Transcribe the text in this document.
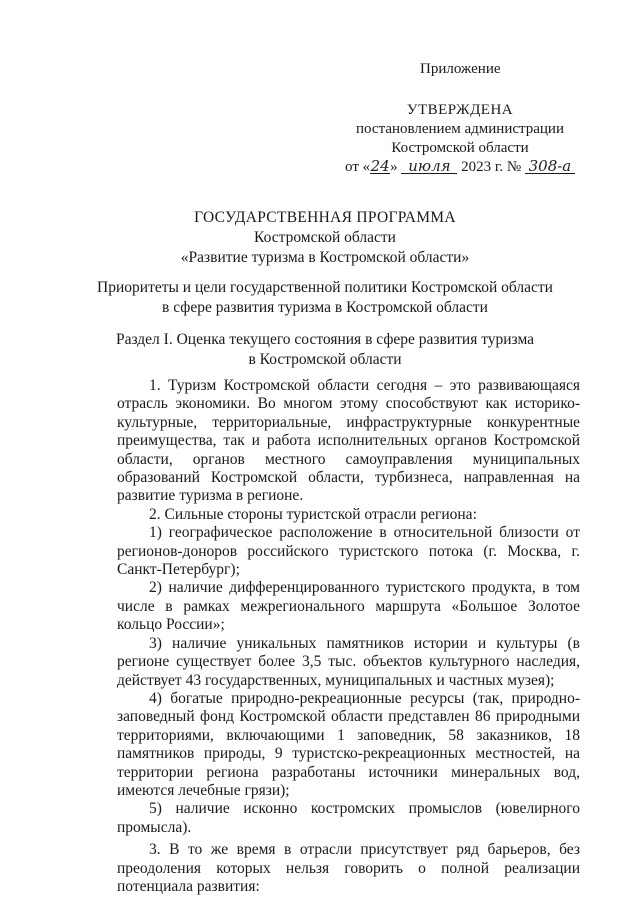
Приложение
УТВЕРЖДЕНА
постановлением администрации
Костромской области
от «24» июля 2023 г. № 308-а
ГОСУДАРСТВЕННАЯ ПРОГРАММА
Костромской области
«Развитие туризма в Костромской области»
Приоритеты и цели государственной политики Костромской области
в сфере развития туризма в Костромской области
Раздел I. Оценка текущего состояния в сфере развития туризма
в Костромской области

1. Туризм Костромской области сегодня – это развивающаяся отрасль экономики. Во многом этому способствуют как историко-культурные, территориальные, инфраструктурные конкурентные преимущества, так и работа исполнительных органов Костромской области, органов местного самоуправления муниципальных образований Костромской области, турбизнеса, направленная на развитие туризма в регионе.

2. Сильные стороны туристской отрасли региона:

1) географическое расположение в относительной близости от регионов-доноров российского туристского потока (г. Москва, г. Санкт-Петербург);

2) наличие дифференцированного туристского продукта, в том числе в рамках межрегионального маршрута «Большое Золотое кольцо России»;

3) наличие уникальных памятников истории и культуры (в регионе существует более 3,5 тыс. объектов культурного наследия, действует 43 государственных, муниципальных и частных музея);

4) богатые природно-рекреационные ресурсы (так, природно-заповедный фонд Костромской области представлен 86 природными территориями, включающими 1 заповедник, 58 заказников, 18 памятников природы, 9 туристско-рекреационных местностей, на территории региона разработаны источники минеральных вод, имеются лечебные грязи);

5) наличие исконно костромских промыслов (ювелирного промысла).

3. В то же время в отрасли присутствует ряд барьеров, без преодоления которых нельзя говорить о полной реализации потенциала развития:
